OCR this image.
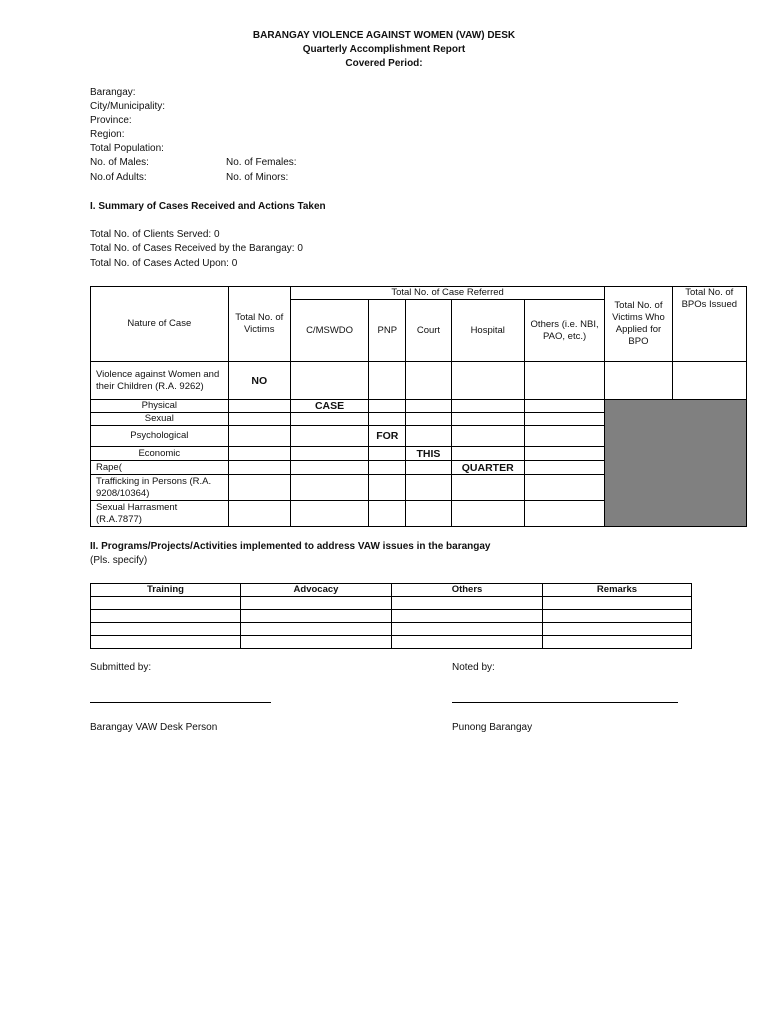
BARANGAY VIOLENCE AGAINST WOMEN (VAW) DESK
Quarterly Accomplishment Report
Covered Period:
Barangay:
City/Municipality:
Province:
Region:
Total Population:
No. of Males:	No. of Females:
No.of Adults:	No. of Minors:
I. Summary of Cases Received and Actions Taken
Total No. of Clients Served: 0
Total No. of Cases Received by the Barangay: 0
Total No. of Cases Acted Upon: 0
Nature of Case	Total No. of Victims	Total No. of Case Referred					Total No. of Victims Who Applied for BPO	Total No. of BPOs Issued
		C/MSWDO	PNP	Court	Hospital	Others (i.e. NBI, PAO, etc.)		
Violence against Women and their Children (R.A. 9262)	NO							
Physical		CASE						
Sexual								
Psychological			FOR					
Economic				THIS				
Rape(					QUARTER			
Trafficking in Persons (R.A. 9208/10364)								
Sexual Harrasment (R.A.7877)								
II. Programs/Projects/Activities implemented to address VAW issues in the barangay
(Pls. specify)
Training	Advocacy	Others	Remarks

Submitted by:	Noted by:
Barangay VAW Desk Person	Punong Barangay
